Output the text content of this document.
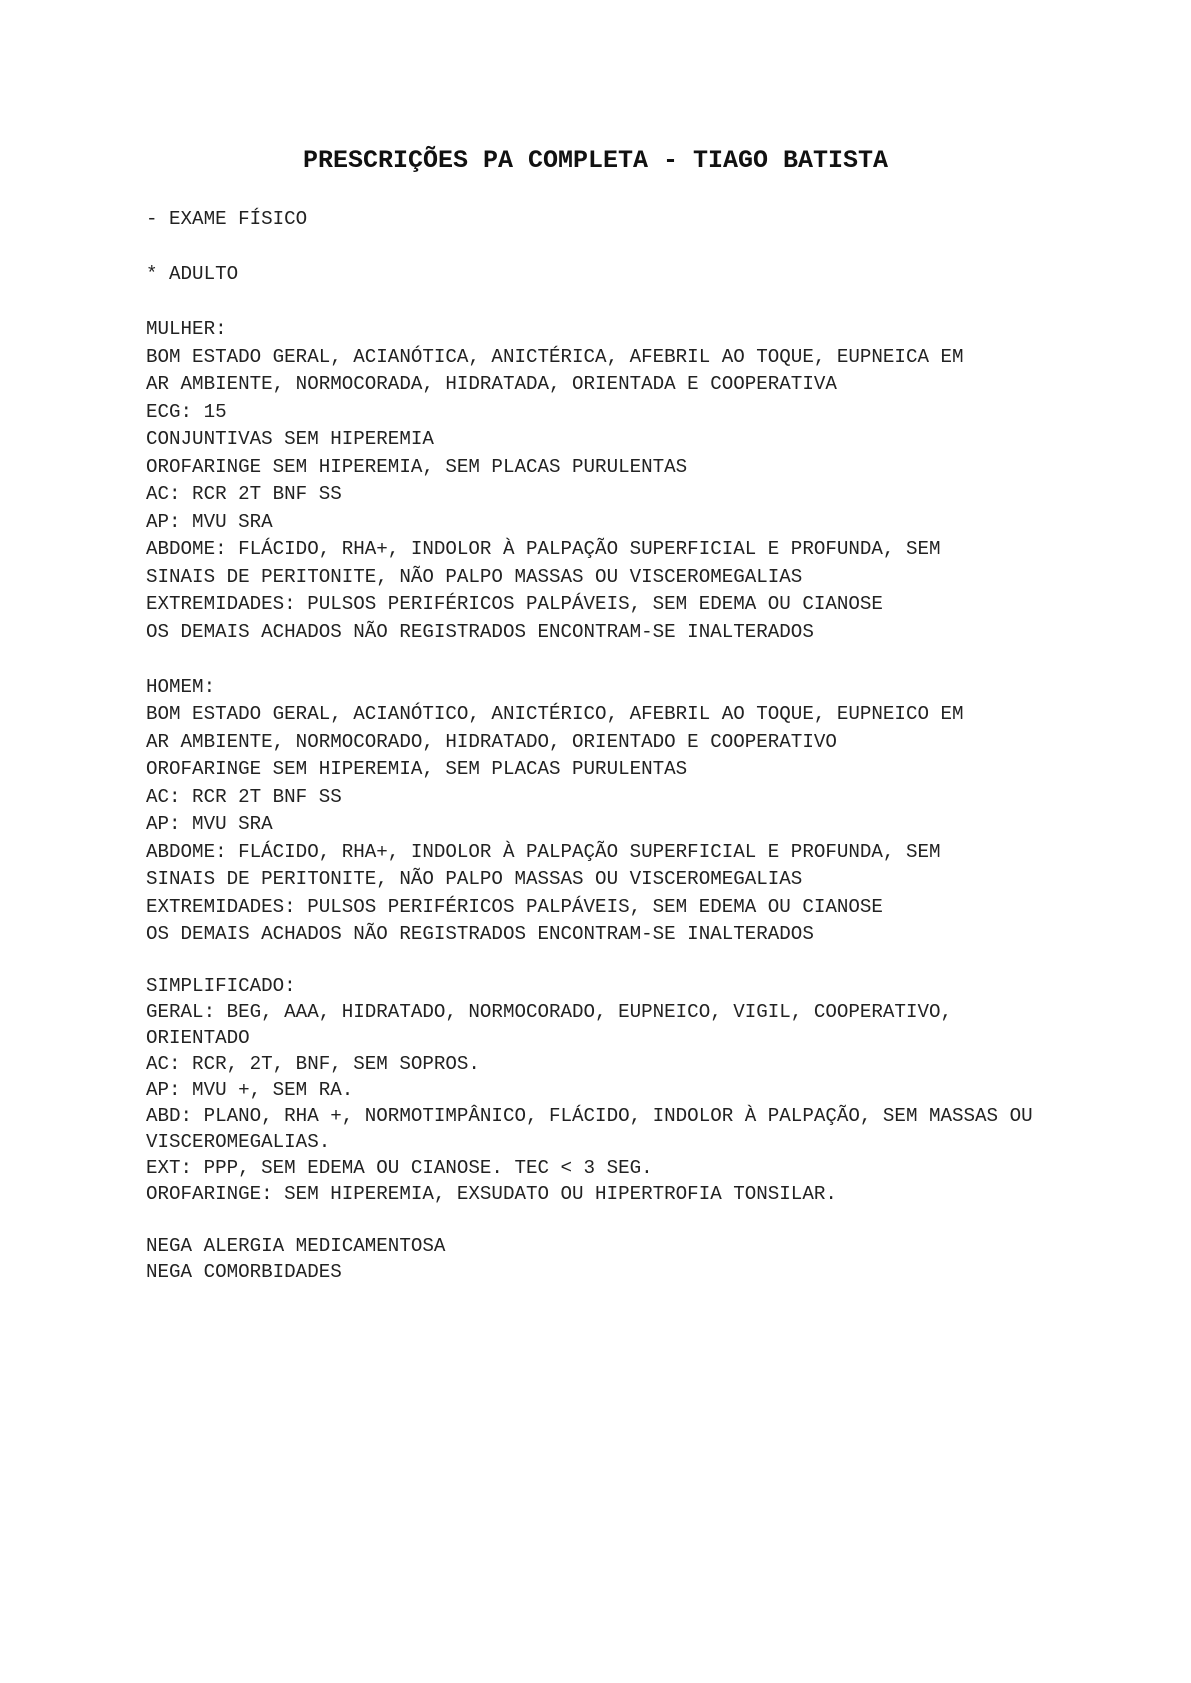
PRESCRIÇÕES PA COMPLETA - TIAGO BATISTA
- EXAME FÍSICO
* ADULTO
MULHER:
BOM ESTADO GERAL, ACIANÓTICA, ANICTÉRICA, AFEBRIL AO TOQUE, EUPNEICA EM
AR AMBIENTE, NORMOCORADA, HIDRATADA, ORIENTADA E COOPERATIVA
ECG: 15
CONJUNTIVAS SEM HIPEREMIA
OROFARINGE SEM HIPEREMIA, SEM PLACAS PURULENTAS
AC: RCR 2T BNF SS
AP: MVU SRA
ABDOME: FLÁCIDO, RHA+, INDOLOR À PALPAÇÃO SUPERFICIAL E PROFUNDA, SEM
SINAIS DE PERITONITE, NÃO PALPO MASSAS OU VISCEROMEGALIAS
EXTREMIDADES: PULSOS PERIFÉRICOS PALPÁVEIS, SEM EDEMA OU CIANOSE
OS DEMAIS ACHADOS NÃO REGISTRADOS ENCONTRAM-SE INALTERADOS
HOMEM:
BOM ESTADO GERAL, ACIANÓTICO, ANICTÉRICO, AFEBRIL AO TOQUE, EUPNEICO EM
AR AMBIENTE, NORMOCORADO, HIDRATADO, ORIENTADO E COOPERATIVO
OROFARINGE SEM HIPEREMIA, SEM PLACAS PURULENTAS
AC: RCR 2T BNF SS
AP: MVU SRA
ABDOME: FLÁCIDO, RHA+, INDOLOR À PALPAÇÃO SUPERFICIAL E PROFUNDA, SEM
SINAIS DE PERITONITE, NÃO PALPO MASSAS OU VISCEROMEGALIAS
EXTREMIDADES: PULSOS PERIFÉRICOS PALPÁVEIS, SEM EDEMA OU CIANOSE
OS DEMAIS ACHADOS NÃO REGISTRADOS ENCONTRAM-SE INALTERADOS
SIMPLIFICADO:
GERAL: BEG, AAA, HIDRATADO, NORMOCORADO, EUPNEICO, VIGIL, COOPERATIVO,
ORIENTADO
AC: RCR, 2T, BNF, SEM SOPROS.
AP: MVU +, SEM RA.
ABD: PLANO, RHA +, NORMOTIMPÂNICO, FLÁCIDO, INDOLOR À PALPAÇÃO, SEM MASSAS OU
VISCEROMEGALIAS.
EXT: PPP, SEM EDEMA OU CIANOSE. TEC < 3 SEG.
OROFARINGE: SEM HIPEREMIA, EXSUDATO OU HIPERTROFIA TONSILAR.
NEGA ALERGIA MEDICAMENTOSA
NEGA COMORBIDADES
